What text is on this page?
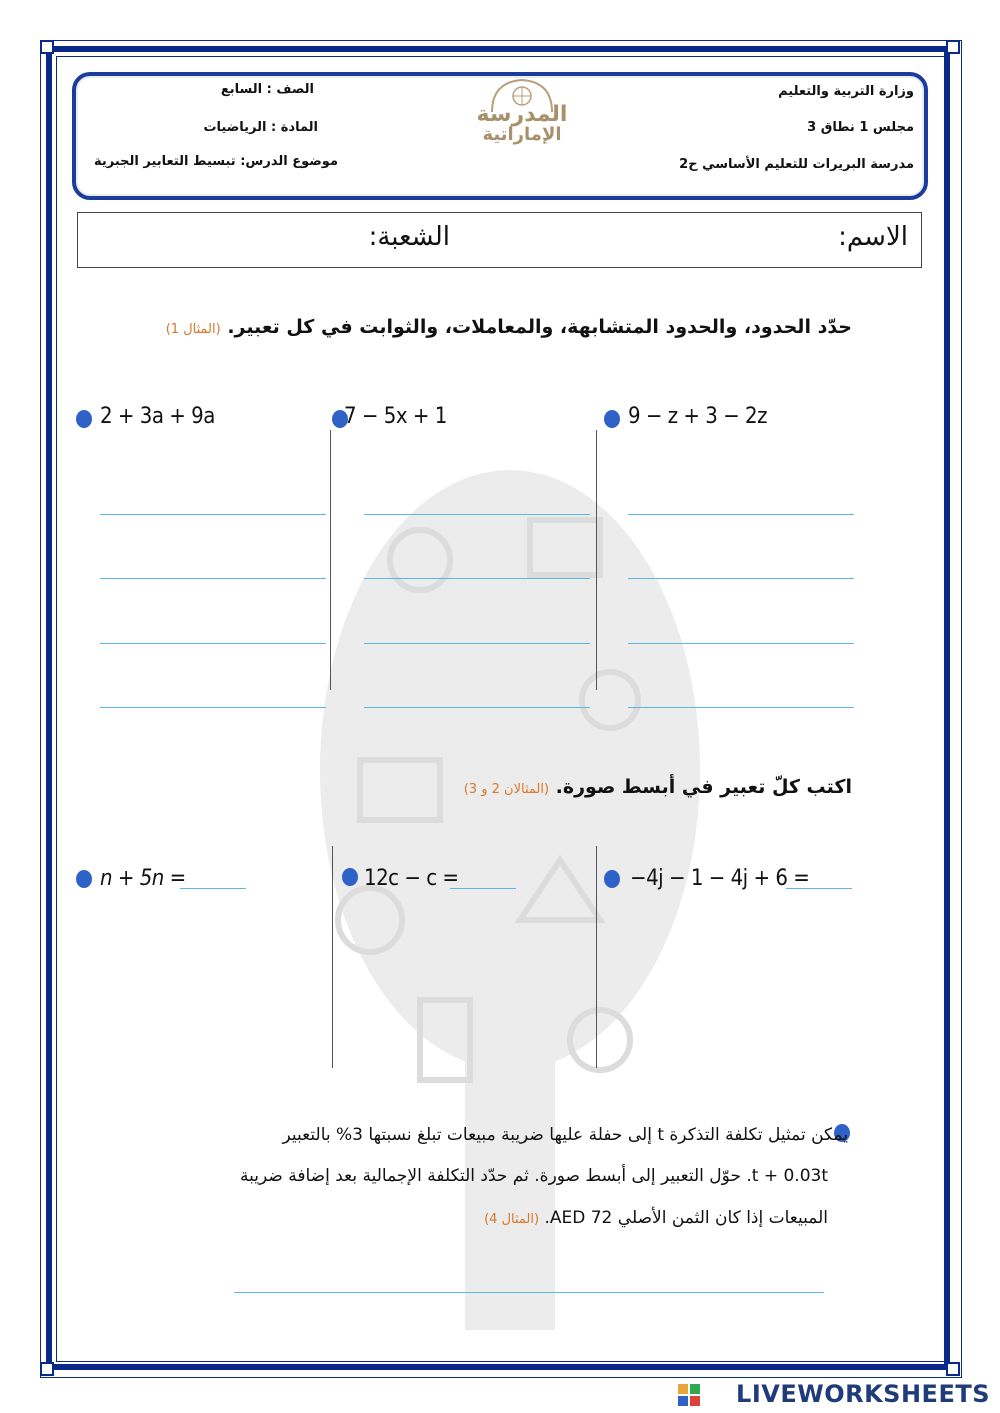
وزارة التربية والتعليم
مجلس 1 نطاق 3
مدرسة البريرات للتعليم الأساسي ح2
الصف : السابع
المادة : الرياضيات
موضوع الدرس: تبسيط التعابير الجبرية
المدرسة
الإماراتية
الاسم:
الشعبة:
حدّد الحدود، والحدود المتشابهة، والمعاملات، والثوابت في كل تعبير. (المثال 1)
2 + 3a + 9a	7 − 5x + 1	9 − z + 3 − 2z
اكتب كلّ تعبير في أبسط صورة. (المثالان 2 و 3)
n + 5n =	12c − c =	−4j − 1 − 4j + 6 =
يمكن تمثيل تكلفة التذكرة t إلى حفلة عليها ضريبة مبيعات تبلغ نسبتها 3% بالتعبير
t + 0.03t. حوّل التعبير إلى أبسط صورة. ثم حدّد التكلفة الإجمالية بعد إضافة ضريبة
المبيعات إذا كان الثمن الأصلي AED 72. (المثال 4)
LIVEWORKSHEETS
